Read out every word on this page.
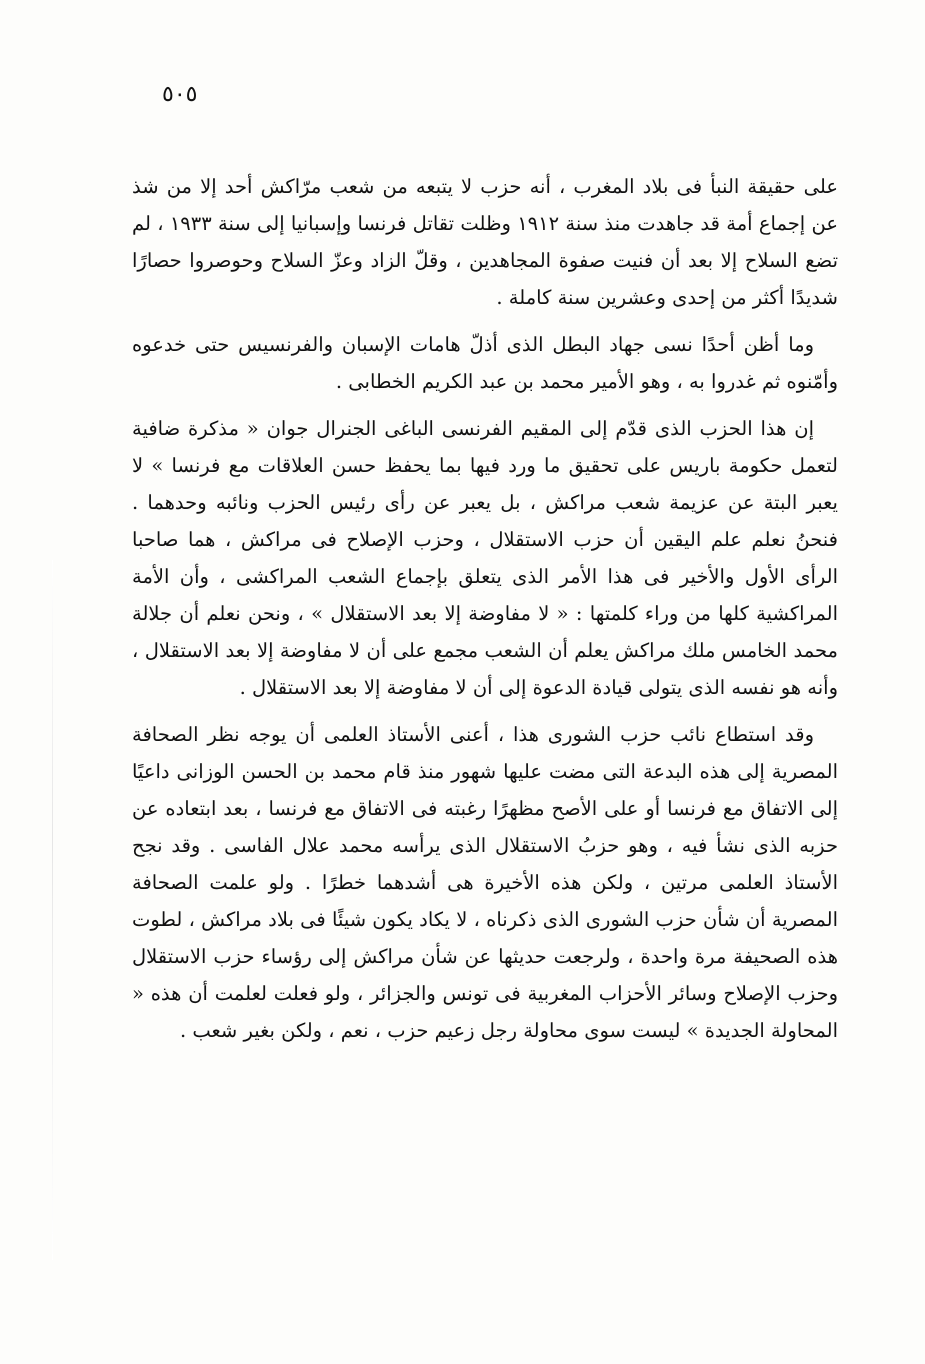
٥٠٥

على حقيقة النبأ فى بلاد المغرب ، أنه حزب لا يتبعه من شعب مرّاكش أحد إلا من شذ عن إجماع أمة قد جاهدت منذ سنة ١٩١٢ وظلت تقاتل فرنسا وإسبانيا إلى سنة ١٩٣٣ ، لم تضع السلاح إلا بعد أن فنيت صفوة المجاهدين ، وقلّ الزاد وعزّ السلاح وحوصروا حصارًا شديدًا أكثر من إحدى وعشرين سنة كاملة .

وما أظن أحدًا نسى جهاد البطل الذى أذلّ هامات الإسبان والفرنسيس حتى خدعوه وأمّنوه ثم غدروا به ، وهو الأمير محمد بن عبد الكريم الخطابى .

إن هذا الحزب الذى قدّم إلى المقيم الفرنسى الباغى الجنرال جوان « مذكرة ضافية لتعمل حكومة باريس على تحقيق ما ورد فيها بما يحفظ حسن العلاقات مع فرنسا » لا يعبر البتة عن عزيمة شعب مراكش ، بل يعبر عن رأى رئيس الحزب ونائبه وحدهما . فنحنُ نعلم علم اليقين أن حزب الاستقلال ، وحزب الإصلاح فى مراكش ، هما صاحبا الرأى الأول والأخير فى هذا الأمر الذى يتعلق بإجماع الشعب المراكشى ، وأن الأمة المراكشية كلها من وراء كلمتها : « لا مفاوضة إلا بعد الاستقلال » ، ونحن نعلم أن جلالة محمد الخامس ملك مراكش يعلم أن الشعب مجمع على أن لا مفاوضة إلا بعد الاستقلال ، وأنه هو نفسه الذى يتولى قيادة الدعوة إلى أن لا مفاوضة إلا بعد الاستقلال .

وقد استطاع نائب حزب الشورى هذا ، أعنى الأستاذ العلمى أن يوجه نظر الصحافة المصرية إلى هذه البدعة التى مضت عليها شهور منذ قام محمد بن الحسن الوزانى داعيًا إلى الاتفاق مع فرنسا أو على الأصح مظهرًا رغبته فى الاتفاق مع فرنسا ، بعد ابتعاده عن حزبه الذى نشأ فيه ، وهو حزبُ الاستقلال الذى يرأسه محمد علال الفاسى . وقد نجح الأستاذ العلمى مرتين ، ولكن هذه الأخيرة هى أشدهما خطرًا . ولو علمت الصحافة المصرية أن شأن حزب الشورى الذى ذكرناه ، لا يكاد يكون شيئًا فى بلاد مراكش ، لطوت هذه الصحيفة مرة واحدة ، ولرجعت حديثها عن شأن مراكش إلى رؤساء حزب الاستقلال وحزب الإصلاح وسائر الأحزاب المغربية فى تونس والجزائر ، ولو فعلت لعلمت أن هذه « المحاولة الجديدة » ليست سوى محاولة رجل زعيم حزب ، نعم ، ولكن بغير شعب .
